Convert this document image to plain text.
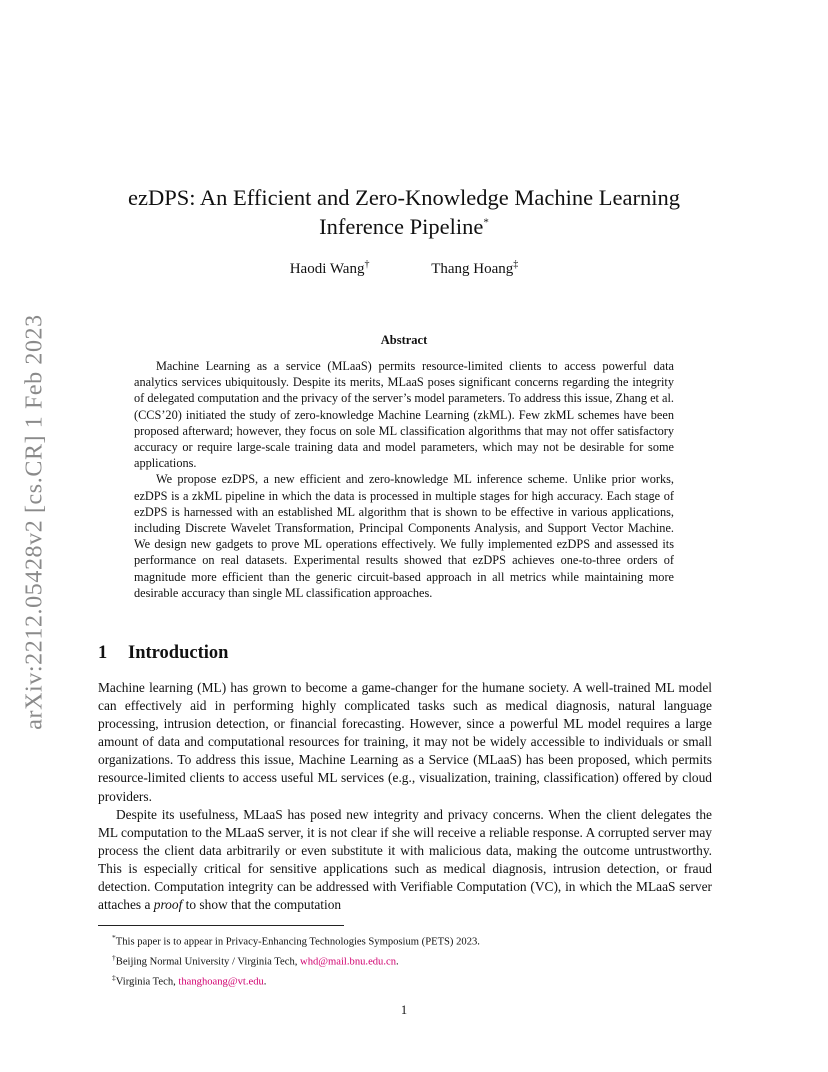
arXiv:2212.05428v2 [cs.CR] 1 Feb 2023
ezDPS: An Efficient and Zero-Knowledge Machine Learning
Inference Pipeline*
Haodi Wang†	Thang Hoang‡
Abstract

Machine Learning as a service (MLaaS) permits resource-limited clients to access powerful data analytics services ubiquitously. Despite its merits, MLaaS poses significant concerns regarding the integrity of delegated computation and the privacy of the server’s model parameters. To address this issue, Zhang et al. (CCS’20) initiated the study of zero-knowledge Machine Learning (zkML). Few zkML schemes have been proposed afterward; however, they focus on sole ML classification algorithms that may not offer satisfactory accuracy or require large-scale training data and model parameters, which may not be desirable for some applications.

We propose ezDPS, a new efficient and zero-knowledge ML inference scheme. Unlike prior works, ezDPS is a zkML pipeline in which the data is processed in multiple stages for high accuracy. Each stage of ezDPS is harnessed with an established ML algorithm that is shown to be effective in various applications, including Discrete Wavelet Transformation, Principal Components Analysis, and Support Vector Machine. We design new gadgets to prove ML operations effectively. We fully implemented ezDPS and assessed its performance on real datasets. Experimental results showed that ezDPS achieves one-to-three orders of magnitude more efficient than the generic circuit-based approach in all metrics while maintaining more desirable accuracy than single ML classification approaches.

1 Introduction

Machine learning (ML) has grown to become a game-changer for the humane society. A well-trained ML model can effectively aid in performing highly complicated tasks such as medical diagnosis, natural language processing, intrusion detection, or financial forecasting. However, since a powerful ML model requires a large amount of data and computational resources for training, it may not be widely accessible to individuals or small organizations. To address this issue, Machine Learning as a Service (MLaaS) has been proposed, which permits resource-limited clients to access useful ML services (e.g., visualization, training, classification) offered by cloud providers.

Despite its usefulness, MLaaS has posed new integrity and privacy concerns. When the client delegates the ML computation to the MLaaS server, it is not clear if she will receive a reliable response. A corrupted server may process the client data arbitrarily or even substitute it with malicious data, making the outcome untrustworthy. This is especially critical for sensitive applications such as medical diagnosis, intrusion detection, or fraud detection. Computation integrity can be addressed with Verifiable Computation (VC), in which the MLaaS server attaches a proof to show that the computation

*This paper is to appear in Privacy-Enhancing Technologies Symposium (PETS) 2023.
†Beijing Normal University / Virginia Tech, whd@mail.bnu.edu.cn.
‡Virginia Tech, thanghoang@vt.edu.
1
